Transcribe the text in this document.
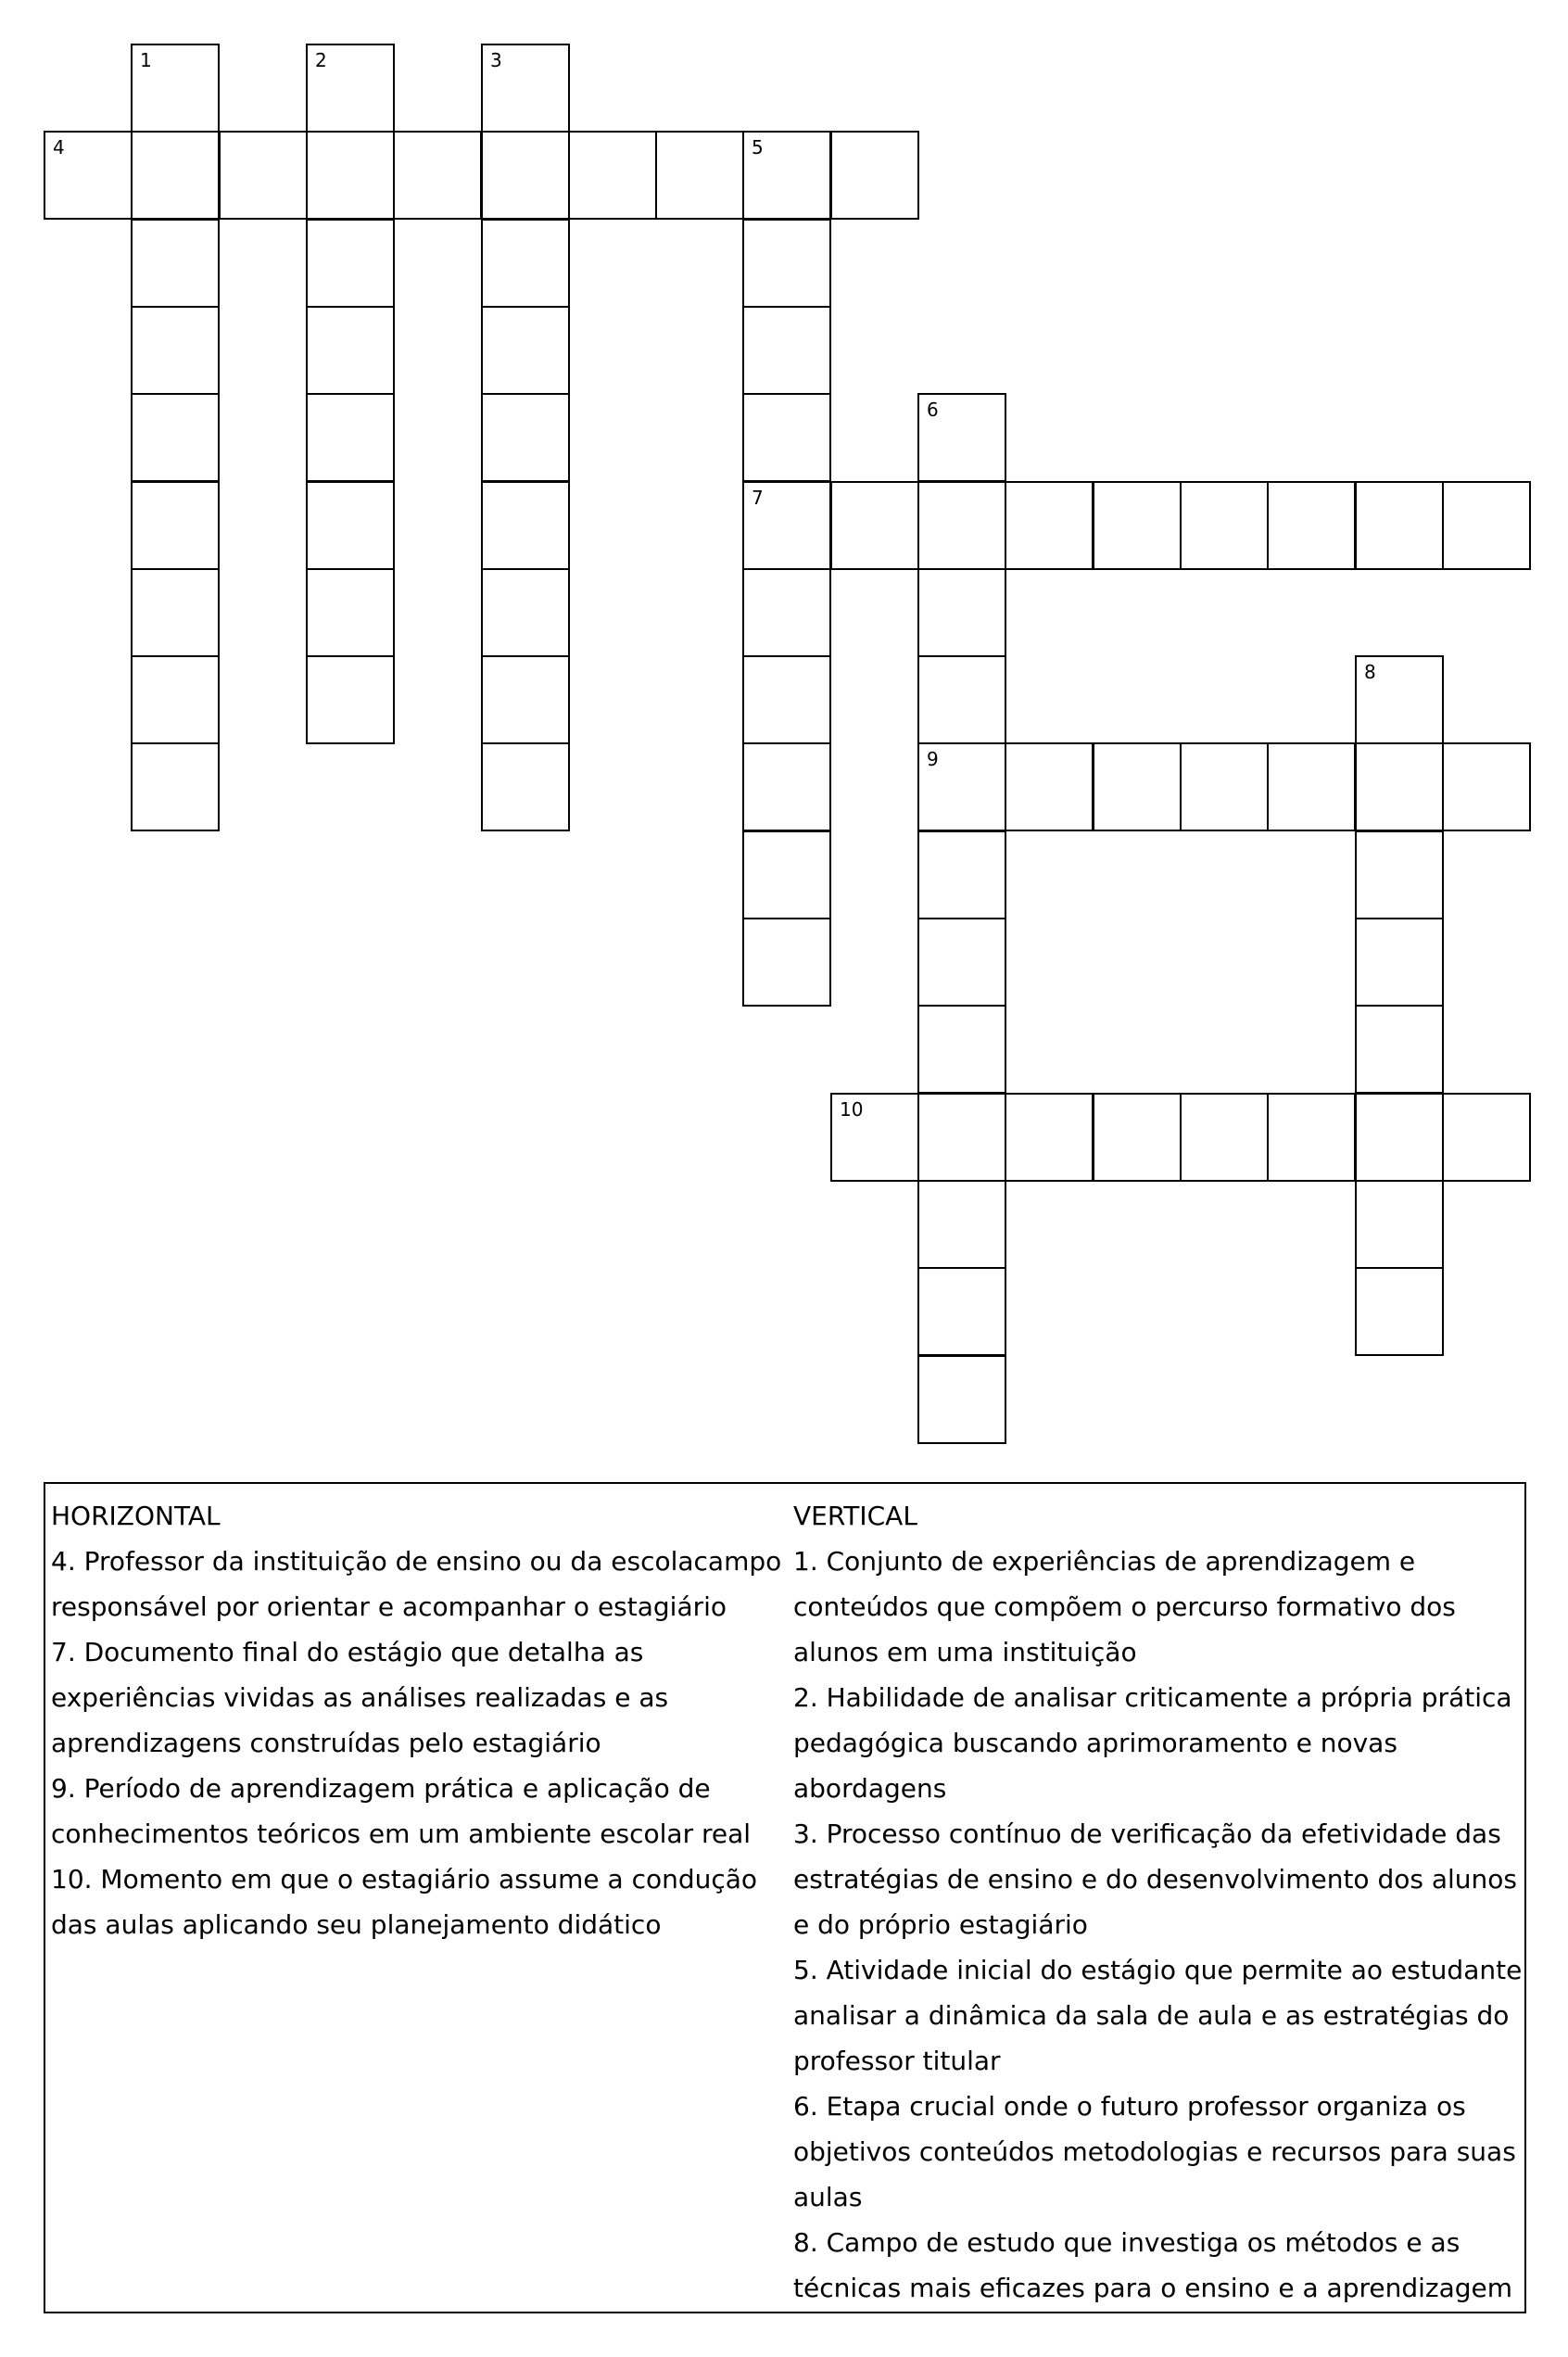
1	2	3
4	5
7
6
9
8
10
HORIZONTAL
4. Professor da instituição de ensino ou da escolacampo responsável por orientar e acompanhar o estagiário
7. Documento final do estágio que detalha as experiências vividas as análises realizadas e as aprendizagens construídas pelo estagiário
9. Período de aprendizagem prática e aplicação de conhecimentos teóricos em um ambiente escolar real
10. Momento em que o estagiário assume a condução das aulas aplicando seu planejamento didático
VERTICAL
1. Conjunto de experiências de aprendizagem e conteúdos que compõem o percurso formativo dos alunos em uma instituição
2. Habilidade de analisar criticamente a própria prática pedagógica buscando aprimoramento e novas abordagens
3. Processo contínuo de verificação da efetividade das estratégias de ensino e do desenvolvimento dos alunos e do próprio estagiário
5. Atividade inicial do estágio que permite ao estudante analisar a dinâmica da sala de aula e as estratégias do professor titular
6. Etapa crucial onde o futuro professor organiza os objetivos conteúdos metodologias e recursos para suas aulas
8. Campo de estudo que investiga os métodos e as técnicas mais eficazes para o ensino e a aprendizagem
